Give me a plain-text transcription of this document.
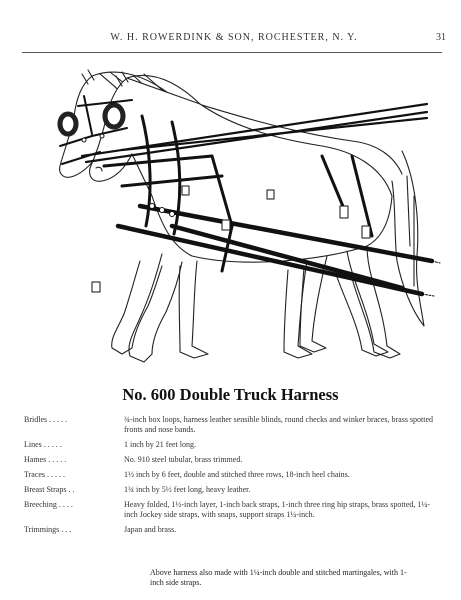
W. H. ROWERDINK & SON, ROCHESTER, N. Y.	31
No. 600 Double Truck Harness
Bridles . . . . .	¾-inch box loops, harness leather sensible blinds, round checks and winker braces, brass spotted fronts and nose bands.
Lines . . . . .	1 inch by 21 feet long.
Hames . . . . .	No. 910 steel tubular, brass trimmed.
Traces . . . . .	1½ inch by 6 feet, double and stitched three rows, 18-inch heel chains.
Breast Straps . .	1¾ inch by 5½ feet long, heavy leather.
Breeching . . . .	Heavy folded, 1½-inch layer, 1-inch back straps, 1-inch three ring hip straps, brass spotted, 1¼-inch Jockey side straps, with snaps, support straps 1¼-inch.
Trimmings . . .	Japan and brass.
Above harness also made with 1¼-inch double and stitched martingales, with 1-inch side straps.
